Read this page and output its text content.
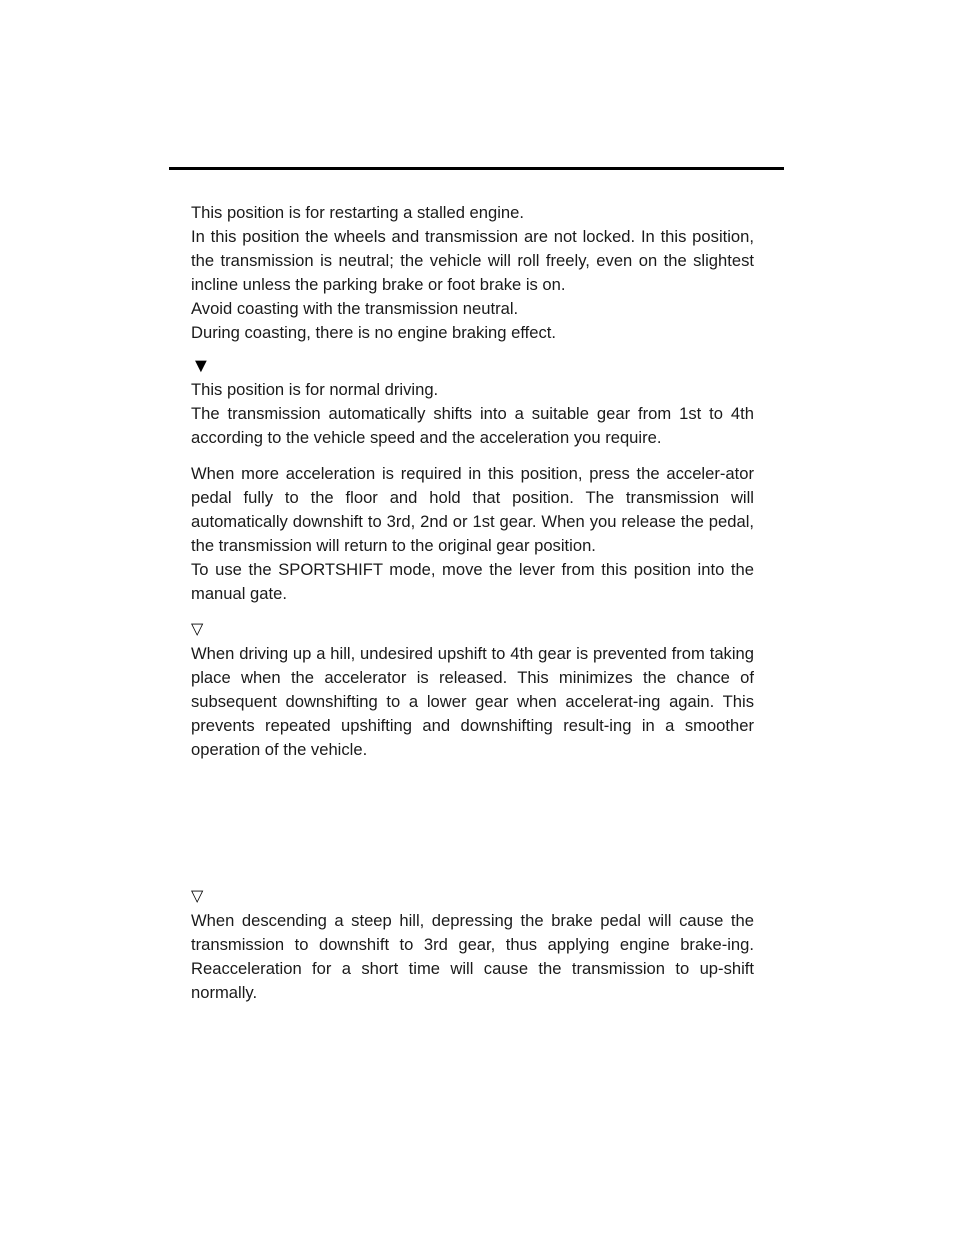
This position is for restarting a stalled engine.

In this position the wheels and transmission are not locked. In this position, the transmission is neutral; the vehicle will roll freely, even on the slightest incline unless the parking brake or foot brake is on.

Avoid coasting with the transmission neutral.

During coasting, there is no engine braking effect.

▼

This position is for normal driving.

The transmission automatically shifts into a suitable gear from 1st to 4th according to the vehicle speed and the acceleration you require.

When more acceleration is required in this position, press the acceler-ator pedal fully to the floor and hold that position. The transmission will automatically downshift to 3rd, 2nd or 1st gear. When you release the pedal, the transmission will return to the original gear position.

To use the SPORTSHIFT mode, move the lever from this position into the manual gate.

▽

When driving up a hill, undesired upshift to 4th gear is prevented from taking place when the accelerator is released. This minimizes the chance of subsequent downshifting to a lower gear when accelerat-ing again. This prevents repeated upshifting and downshifting result-ing in a smoother operation of the vehicle.

▽

When descending a steep hill, depressing the brake pedal will cause the transmission to downshift to 3rd gear, thus applying engine brake-ing. Reacceleration for a short time will cause the transmission to up-shift normally.
